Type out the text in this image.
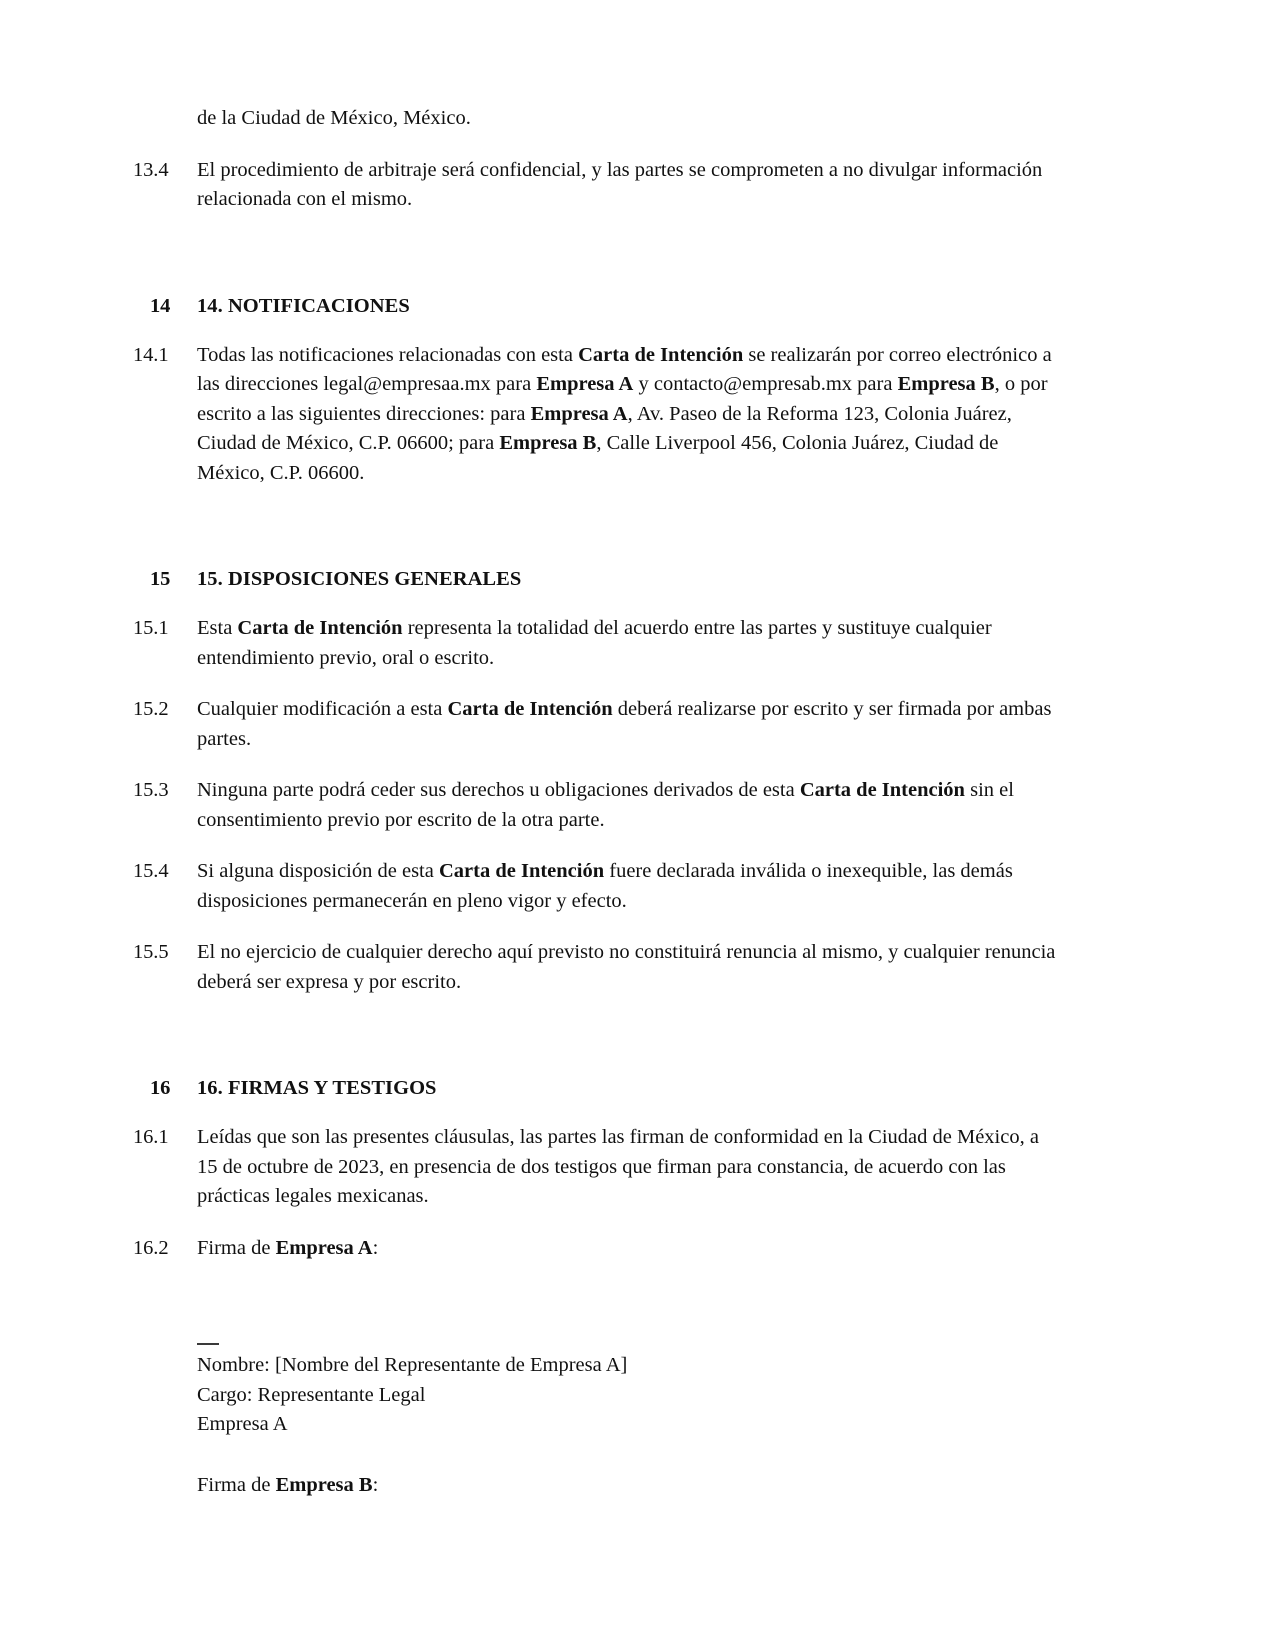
de la Ciudad de México, México.
13.4	El procedimiento de arbitraje será confidencial, y las partes se comprometen a no divulgar información relacionada con el mismo.
14	14. NOTIFICACIONES
14.1	Todas las notificaciones relacionadas con esta Carta de Intención se realizarán por correo electrónico a las direcciones legal@empresaa.mx para Empresa A y contacto@empresab.mx para Empresa B, o por escrito a las siguientes direcciones: para Empresa A, Av. Paseo de la Reforma 123, Colonia Juárez, Ciudad de México, C.P. 06600; para Empresa B, Calle Liverpool 456, Colonia Juárez, Ciudad de México, C.P. 06600.
15	15. DISPOSICIONES GENERALES
15.1	Esta Carta de Intención representa la totalidad del acuerdo entre las partes y sustituye cualquier entendimiento previo, oral o escrito.
15.2	Cualquier modificación a esta Carta de Intención deberá realizarse por escrito y ser firmada por ambas partes.
15.3	Ninguna parte podrá ceder sus derechos u obligaciones derivados de esta Carta de Intención sin el consentimiento previo por escrito de la otra parte.
15.4	Si alguna disposición de esta Carta de Intención fuere declarada inválida o inexequible, las demás disposiciones permanecerán en pleno vigor y efecto.
15.5	El no ejercicio de cualquier derecho aquí previsto no constituirá renuncia al mismo, y cualquier renuncia deberá ser expresa y por escrito.
16	16. FIRMAS Y TESTIGOS
16.1	Leídas que son las presentes cláusulas, las partes las firman de conformidad en la Ciudad de México, a 15 de octubre de 2023, en presencia de dos testigos que firman para constancia, de acuerdo con las prácticas legales mexicanas.
16.2	Firma de Empresa A:
Nombre: [Nombre del Representante de Empresa A]
Cargo: Representante Legal
Empresa A
Firma de Empresa B:
